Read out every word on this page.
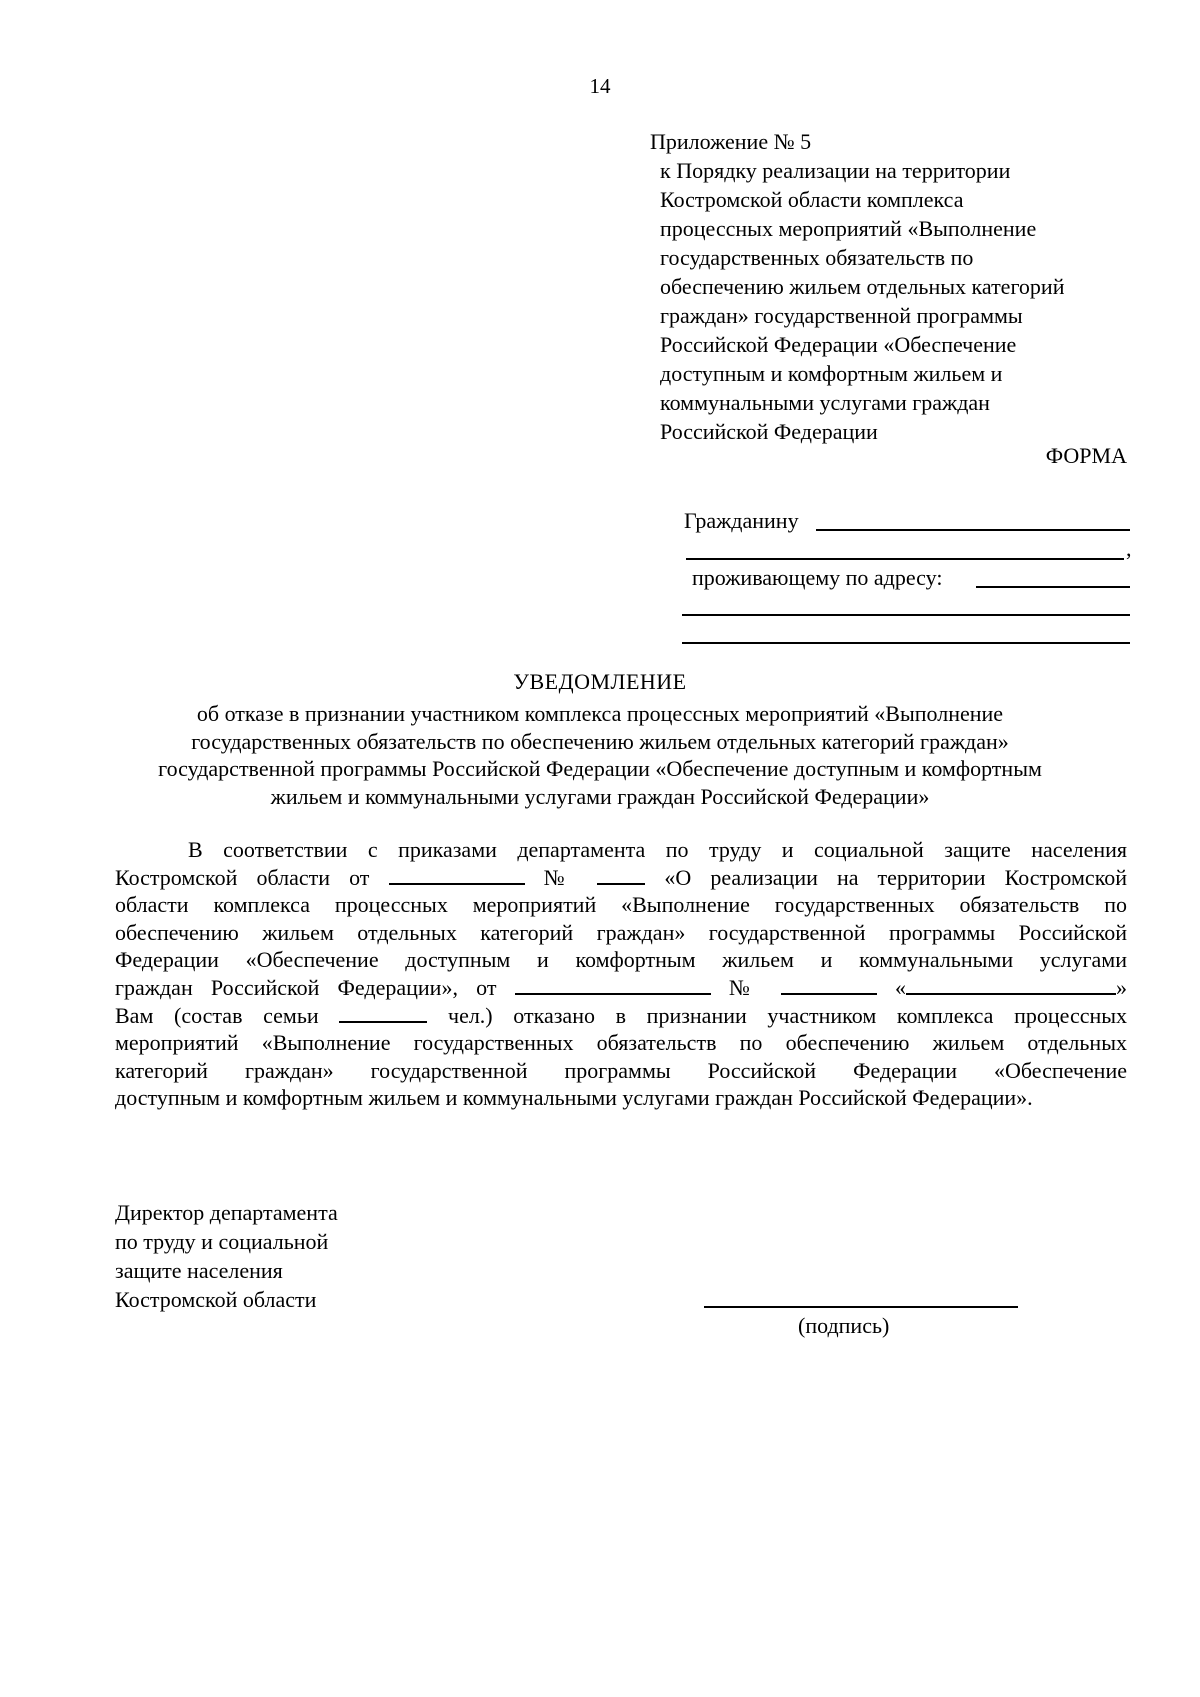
14
Приложение № 5
к Порядку реализации на территории
Костромской области комплекса
процессных мероприятий «Выполнение
государственных обязательств по
обеспечению жильем отдельных категорий
граждан» государственной программы
Российской Федерации «Обеспечение
доступным и комфортным жильем и
коммунальными услугами граждан
Российской Федерации
ФОРМА
Гражданину
,
проживающему по адресу:
УВЕДОМЛЕНИЕ
об отказе в признании участником комплекса процессных мероприятий «Выполнение
государственных обязательств по обеспечению жильем отдельных категорий граждан»
государственной программы Российской Федерации «Обеспечение доступным и комфортным
жильем и коммунальными услугами граждан Российской Федерации»
В соответствии с приказами департамента по труду и социальной защите населения
Костромской области от	№	«О реализации на территории Костромской
области комплекса процессных мероприятий «Выполнение государственных обязательств по
обеспечению жильем отдельных категорий граждан» государственной программы Российской
Федерации «Обеспечение доступным и комфортным жильем и коммунальными услугами
граждан Российской Федерации», от	№	«	»
Вам (состав семьи	чел.) отказано в признании участником комплекса процессных
мероприятий «Выполнение государственных обязательств по обеспечению жильем отдельных
категорий граждан» государственной программы Российской Федерации «Обеспечение
доступным и комфортным жильем и коммунальными услугами граждан Российской Федерации».
Директор департамента
по труду и социальной
защите населения
Костромской области
(подпись)
